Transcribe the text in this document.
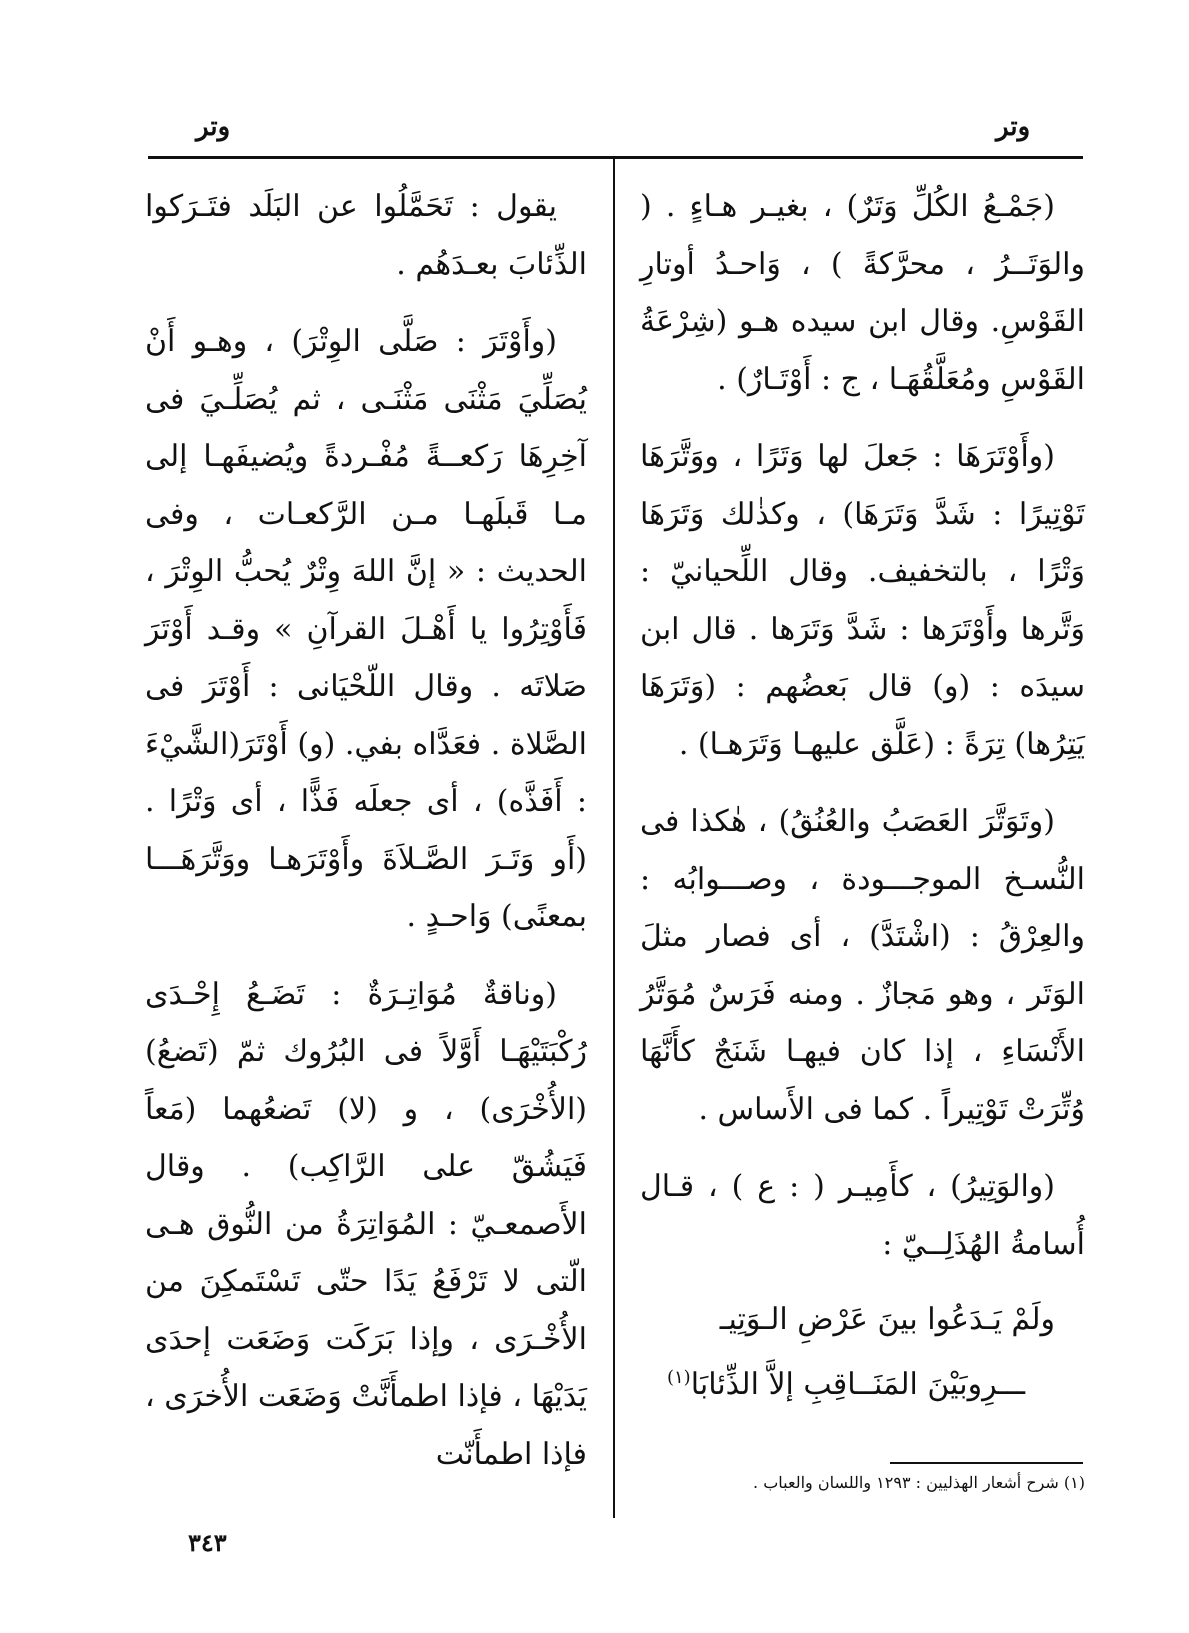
وتر
وتر

(جَمْـعُ الكُلِّ وَتَرٌ) ، بغيـر هـاءٍ . ( والوَتَــرُ ، محرَّكةً ) ، وَاحـدُ أوتارِ القَوْسِ. وقال ابن سيده هـو (شِرْعَةُ القَوْسِ ومُعَلَّقُهَـا ، ج : أَوْتَـارٌ) .

(وأَوْتَرَهَا : جَعلَ لها وَتَرًا ، ووَتَّرَهَا تَوْتِيرًا : شَدَّ وَتَرَهَا) ، وكذٰلك وَتَرَهَا وَتْرًا ، بالتخفيف. وقال اللِّحيانيّ : وَتَّرها وأَوْتَرَها : شَدَّ وَتَرَها . قال ابن سيدَه : (و) قال بَعضُهم : (وَتَرَهَا يَتِرُها) تِرَةً : (عَلَّق عليهـا وَتَرَهـا) .

(وتَوَتَّرَ العَصَبُ والعُنُقُ) ، هٰكذا فى النُّسـخ الموجـــودة ، وصـــوابُه : والعِرْقُ : (اشْتَدَّ) ، أى فصار مثلَ الوَتَر ، وهو مَجازٌ . ومنه فَرَسٌ مُوَتَّرُ الأَنْسَاءِ ، إذا كان فيهـا شَنَجٌ كأَنَّهَا وُتِّرَتْ تَوْتِيراً . كما فى الأَساس .

(والوَتِيرُ) ، كأَمِيـر ( : ع ) ، قـال أُسامةُ الهُذَلِــيّ :

ولَمْ يَـدَعُوا بينَ عَرْضِ الـوَتِيـ
ـــرِوبَيْنَ المَنَــاقِبِ إلاَّ الذِّئابَا$^{(١)}$

يقول : تَحَمَّلُوا عن البَلَد فتَـرَكوا الذِّئابَ بعـدَهُم .

(وأَوْتَرَ : صَلَّى الوِتْرَ) ، وهـو أَنْ يُصَلِّيَ مَثْنَى مَثْنَـى ، ثم يُصَلِّـيَ فى آخِرِهَا رَكعــةً مُفْـردةً ويُضيفَهـا إلى مـا قَبلَهـا مـن الرَّكعـات ، وفى الحديث : « إنَّ اللهَ وِتْرٌ يُحبُّ الوِتْرَ ، فَأَوْتِرُوا يا أَهْـلَ القرآنِ » وقـد أَوْتَرَ صَلاتَه . وقال اللّحْيَانى : أَوْتَرَ فى الصَّلاة . فعَدَّاه بفي. (و) أَوْتَرَ(الشَّيْءَ : أَفَذَّه) ، أى جعلَه فَذًّا ، أى وَتْرًا . (أَو وَتَـرَ الصَّـلاَةَ وأَوْتَرَهـا ووَتَّرَهَـــا بمعنًى) وَاحـدٍ .

(وناقةٌ مُوَاتِـرَةٌ : تَضَـعُ إِحْـدَى رُكْبَتَيْهَـا أَوَّلاً فى البُرُوك ثمّ (تَضعُ) (الأُخْرَى) ، و (لا) تَضعُهما (مَعاً فَيَشُقّ على الرَّاكِب) . وقال الأَصمعـيّ : المُوَاتِرَةُ من النُّوق هـى الّتى لا تَرْفَعُ يَدًا حتّى تَسْتَمكِنَ من الأُخْـرَى ، وإذا بَرَكَت وَضَعَت إحدَى يَدَيْهَا ، فإذا اطمأَنَّتْ وَضَعَت الأُخرَى ، فإذا اطمأَنّت

(١) شرح أشعار الهذليين : ١٢٩٣ واللسان والعباب .
٣٤٣
